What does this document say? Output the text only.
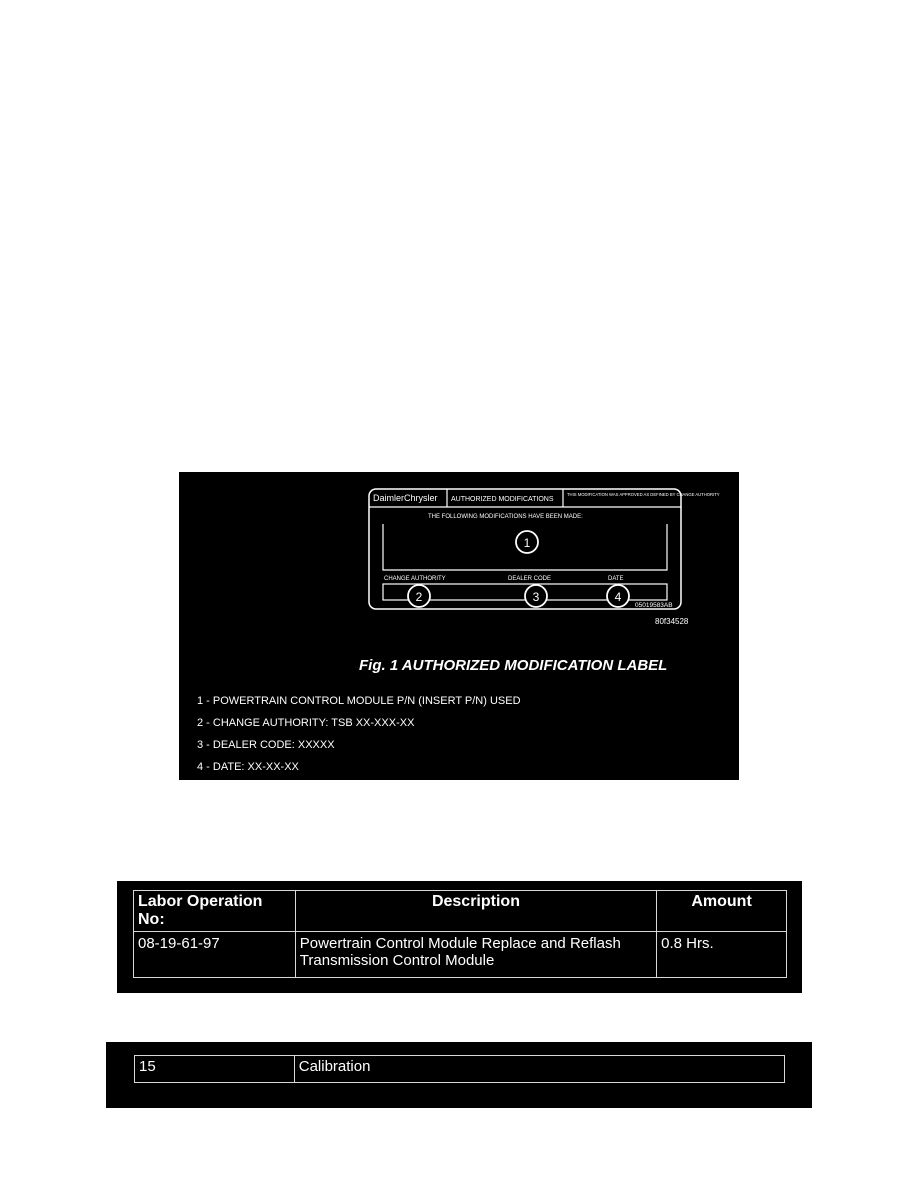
DaimlerChrysler AUTHORIZED MODIFICATIONS
THIS MODIFICATION WAS APPROVED AS DEFINED BY CHANGE AUTHORITY
THE FOLLOWING MODIFICATIONS HAVE BEEN MADE:
CHANGE AUTHORITY	DEALER CODE	DATE
05019583AB
1
2	3	4
80f34528
Fig. 1 AUTHORIZED MODIFICATION LABEL
1 - POWERTRAIN CONTROL MODULE P/N (INSERT P/N) USED
2 - CHANGE AUTHORITY: TSB XX-XXX-XX
3 - DEALER CODE: XXXXX
4 - DATE: XX-XX-XX
Labor Operation No:	Description	Amount
08-19-61-97	Powertrain Control Module Replace and Reflash Transmission Control Module	0.8 Hrs.
15	Calibration
